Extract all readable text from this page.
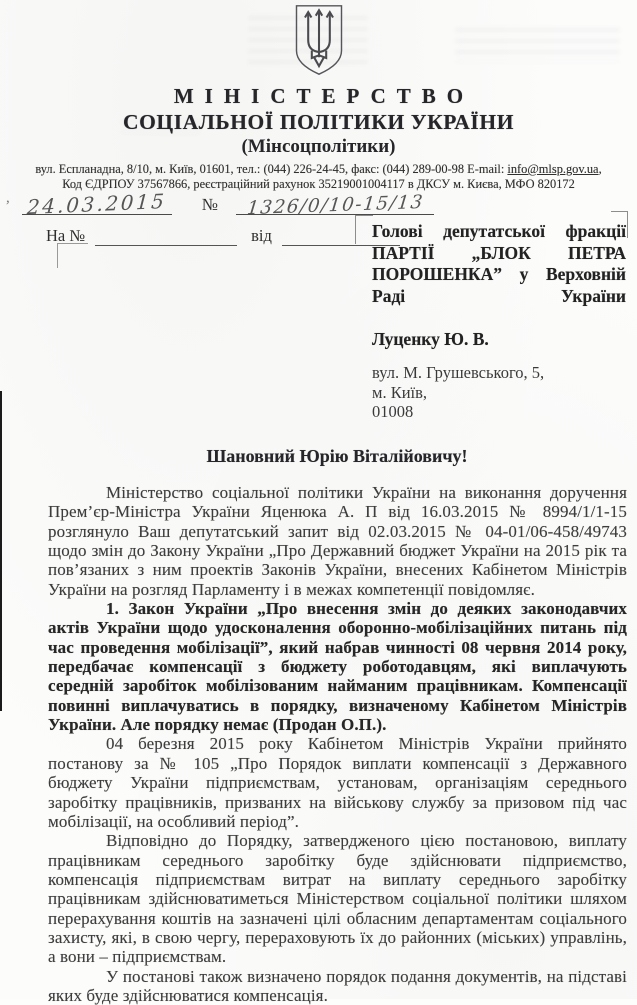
МІНІСТЕРСТВО
СОЦІАЛЬНОЇ ПОЛІТИКИ УКРАЇНИ
(Мінсоцполітики)
вул. Еспланадна, 8/10, м. Київ, 01601, тел.: (044) 226-24-45, факс: (044) 289-00-98 E-mail: info@mlsp.gov.ua,
Код ЄДРПОУ 37567866, реєстраційний рахунок 35219001004117 в ДКСУ м. Києва, МФО 820172
, 24.03.2015 № 1326/0/10-15/13
На №	від	Голові депутатської фракції ПАРТІЇ „БЛОК ПЕТРА ПОРОШЕНКА” у Верховній Раді України

Луценку Ю. В.

вул. М. Грушевського, 5,
м. Київ,
01008
Шановний Юрію Віталійовичу!

Міністерство соціальної політики України на виконання доручення Прем’єр-Міністра України Яценюка А. П від 16.03.2015 № 8994/1/1-15 розглянуло Ваш депутатський запит від 02.03.2015 № 04-01/06-458/49743 щодо змін до Закону України „Про Державний бюджет України на 2015 рік та пов’язаних з ним проектів Законів України, внесених Кабінетом Міністрів України на розгляд Парламенту і в межах компетенції повідомляє.

1. Закон України „Про внесення змін до деяких законодавчих актів України щодо удосконалення оборонно-мобілізаційних питань під час проведення мобілізації”, який набрав чинності 08 червня 2014 року, передбачає компенсації з бюджету роботодавцям, які виплачують середній заробіток мобілізованим найманим працівникам. Компенсації повинні виплачуватись в порядку, визначеному Кабінетом Міністрів України. Але порядку немає (Продан О.П.).

04 березня 2015 року Кабінетом Міністрів України прийнято постанову за № 105 „Про Порядок виплати компенсації з Державного бюджету України підприємствам, установам, організаціям середнього заробітку працівників, призваних на військову службу за призовом під час мобілізації, на особливий період”.

Відповідно до Порядку, затвердженого цією постановою, виплату працівникам середнього заробітку буде здійснювати підприємство, компенсація підприємствам витрат на виплату середнього заробітку працівникам здійснюватиметься Міністерством соціальної політики шляхом перерахування коштів на зазначені цілі обласним департаментам соціального захисту, які, в свою чергу, перераховують їх до районних (міських) управлінь, а вони – підприємствам.

У постанові також визначено порядок подання документів, на підставі яких буде здійснюватися компенсація.
